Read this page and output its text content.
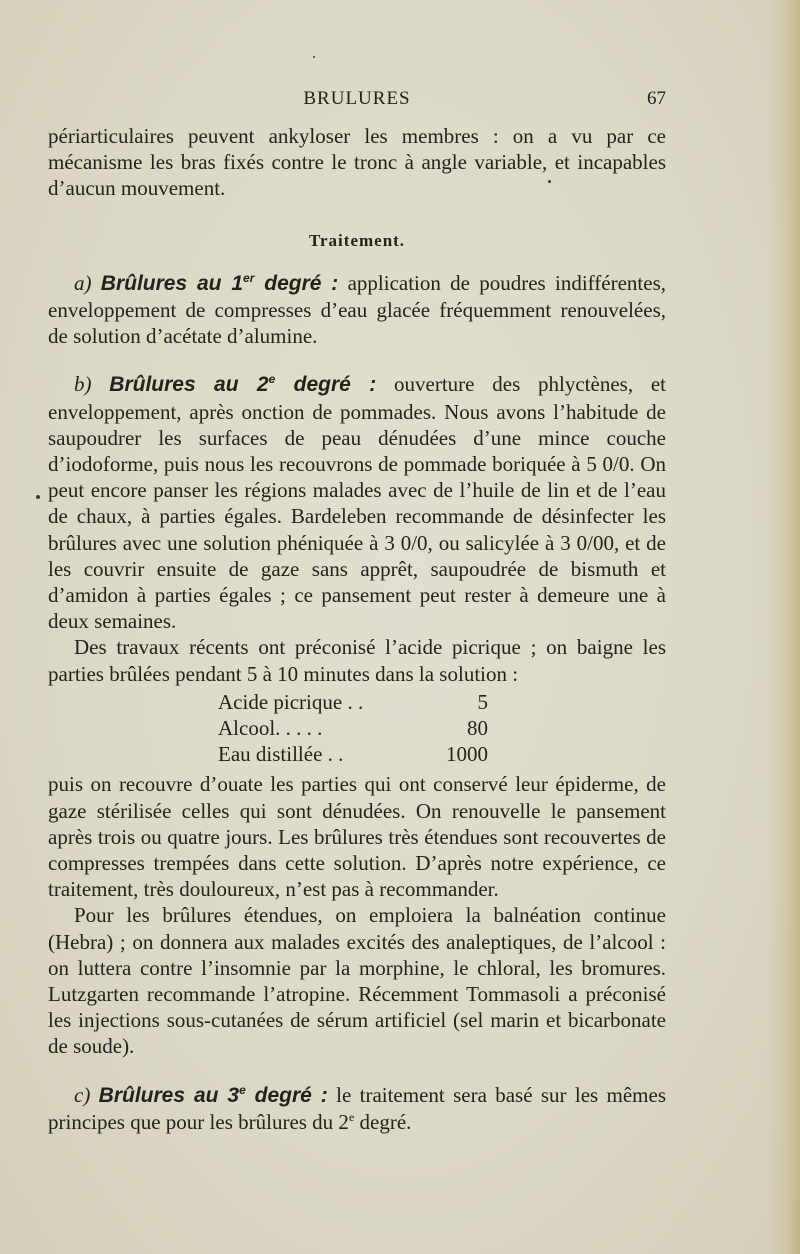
BRULURES	67

périarticulaires peuvent ankyloser les membres : on a vu par ce mécanisme les bras fixés contre le tronc à angle variable, et incapables d’aucun mouvement.

Traitement.

a) Brûlures au 1er degré : application de poudres indifférentes, enveloppement de compresses d’eau glacée fréquemment renouvelées, de solution d’acétate d’alumine.

b) Brûlures au 2e degré : ouverture des phlyctènes, et enveloppement, après onction de pommades. Nous avons l’habitude de saupoudrer les surfaces de peau dénudées d’une mince couche d’iodoforme, puis nous les recouvrons de pommade boriquée à 5 0/0. On peut encore panser les régions malades avec de l’huile de lin et de l’eau de chaux, à parties égales. Bardeleben recommande de désinfecter les brûlures avec une solution phéniquée à 3 0/0, ou salicylée à 3 0/00, et de les couvrir ensuite de gaze sans apprêt, saupoudrée de bismuth et d’amidon à parties égales ; ce pansement peut rester à demeure une à deux semaines.

Des travaux récents ont préconisé l’acide picrique ; on baigne les parties brûlées pendant 5 à 10 minutes dans la solution :

Acide picrique . .	5
Alcool. . . . .	80
Eau distillée . .	1000

puis on recouvre d’ouate les parties qui ont conservé leur épiderme, de gaze stérilisée celles qui sont dénudées. On renouvelle le pansement après trois ou quatre jours. Les brûlures très étendues sont recouvertes de compresses trempées dans cette solution. D’après notre expérience, ce traitement, très douloureux, n’est pas à recommander.

Pour les brûlures étendues, on emploiera la balnéation continue (Hebra) ; on donnera aux malades excités des analeptiques, de l’alcool : on luttera contre l’insomnie par la morphine, le chloral, les bromures. Lutzgarten recommande l’atropine. Récemment Tommasoli a préconisé les injections sous-cutanées de sérum artificiel (sel marin et bicarbonate de soude).

c) Brûlures au 3e degré : le traitement sera basé sur les mêmes principes que pour les brûlures du 2e degré.
